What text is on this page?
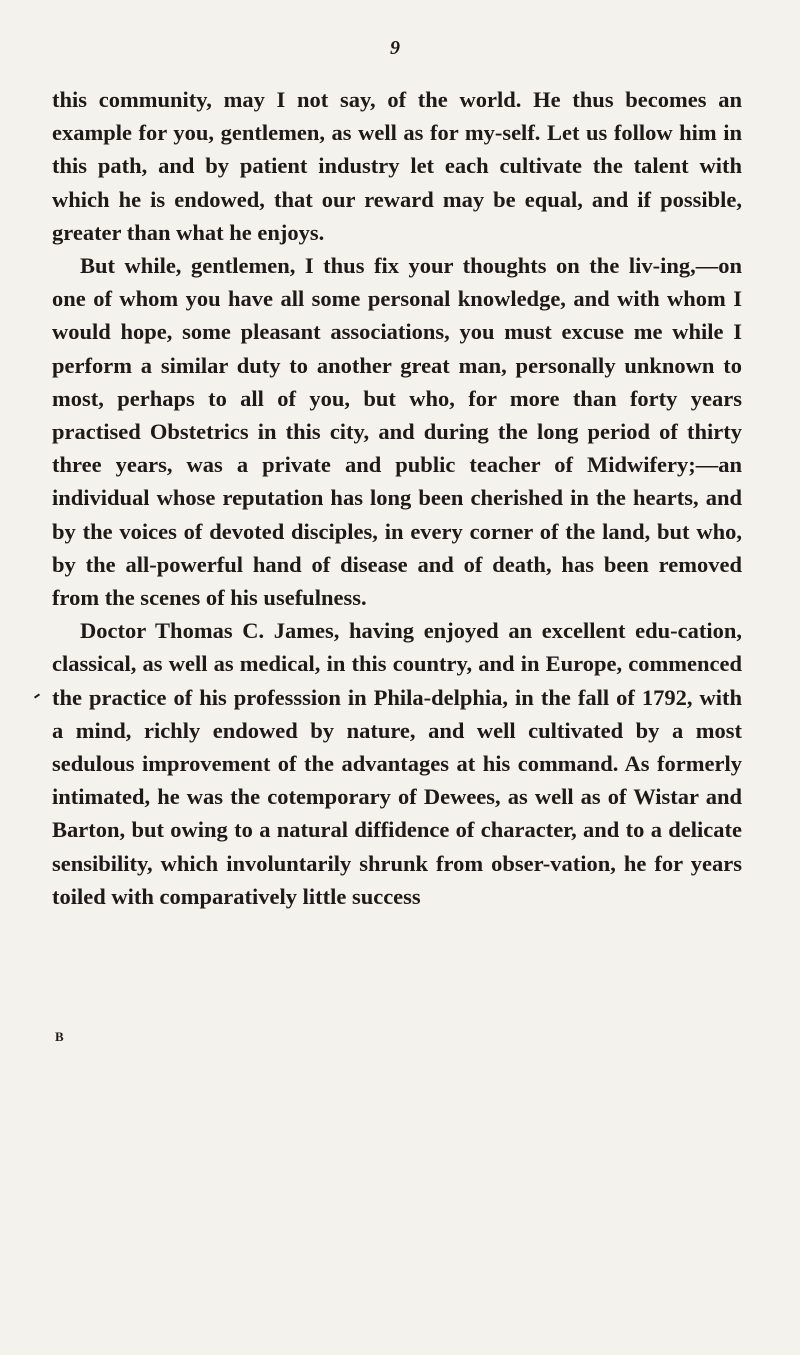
9

this community, may I not say, of the world. He thus becomes an example for you, gentlemen, as well as for my-self. Let us follow him in this path, and by patient industry let each cultivate the talent with which he is endowed, that our reward may be equal, and if possible, greater than what he enjoys.

But while, gentlemen, I thus fix your thoughts on the liv-ing,—on one of whom you have all some personal knowledge, and with whom I would hope, some pleasant associations, you must excuse me while I perform a similar duty to another great man, personally unknown to most, perhaps to all of you, but who, for more than forty years practised Obstetrics in this city, and during the long period of thirty three years, was a private and public teacher of Midwifery;—an individual whose reputation has long been cherished in the hearts, and by the voices of devoted disciples, in every corner of the land, but who, by the all-powerful hand of disease and of death, has been removed from the scenes of his usefulness.

Doctor Thomas C. James, having enjoyed an excellent edu-cation, classical, as well as medical, in this country, and in Europe, commenced the practice of his professsion in Phila-delphia, in the fall of 1792, with a mind, richly endowed by nature, and well cultivated by a most sedulous improvement of the advantages at his command. As formerly intimated, he was the cotemporary of Dewees, as well as of Wistar and Barton, but owing to a natural diffidence of character, and to a delicate sensibility, which involuntarily shrunk from obser-vation, he for years toiled with comparatively little success

B
